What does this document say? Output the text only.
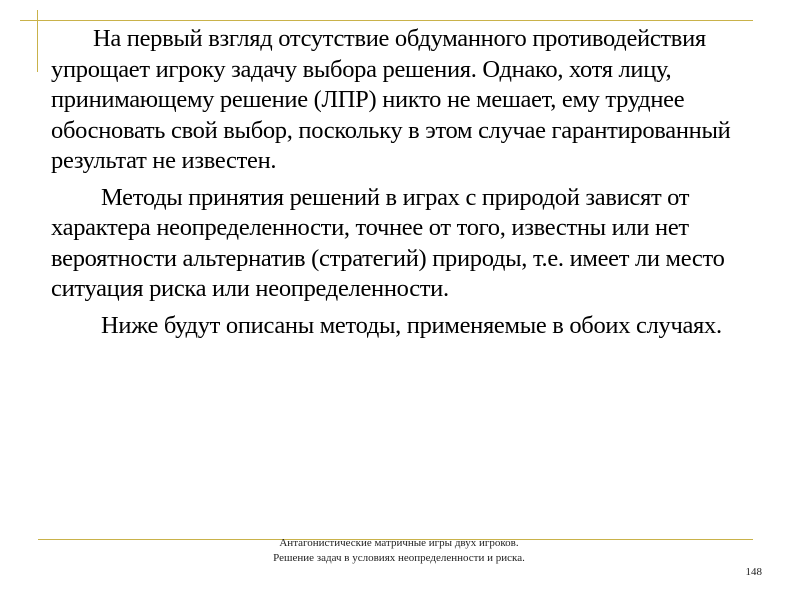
На первый взгляд отсутствие обдуманного противодействия упрощает игроку задачу выбора решения. Однако, хотя лицу, принимающему решение (ЛПР) никто не мешает, ему труднее обосновать свой выбор, поскольку в этом случае гарантированный результат не известен.

Методы принятия решений в играх с природой зависят от характера неопределенности, точнее от того, известны или нет вероятности альтернатив (стратегий) природы, т.е. имеет ли место ситуация риска или неопределенности.

Ниже будут описаны методы, применяемые в обоих случаях.

Антагонистические матричные игры двух игроков. Решение задач в условиях неопределенности и риска.
148
